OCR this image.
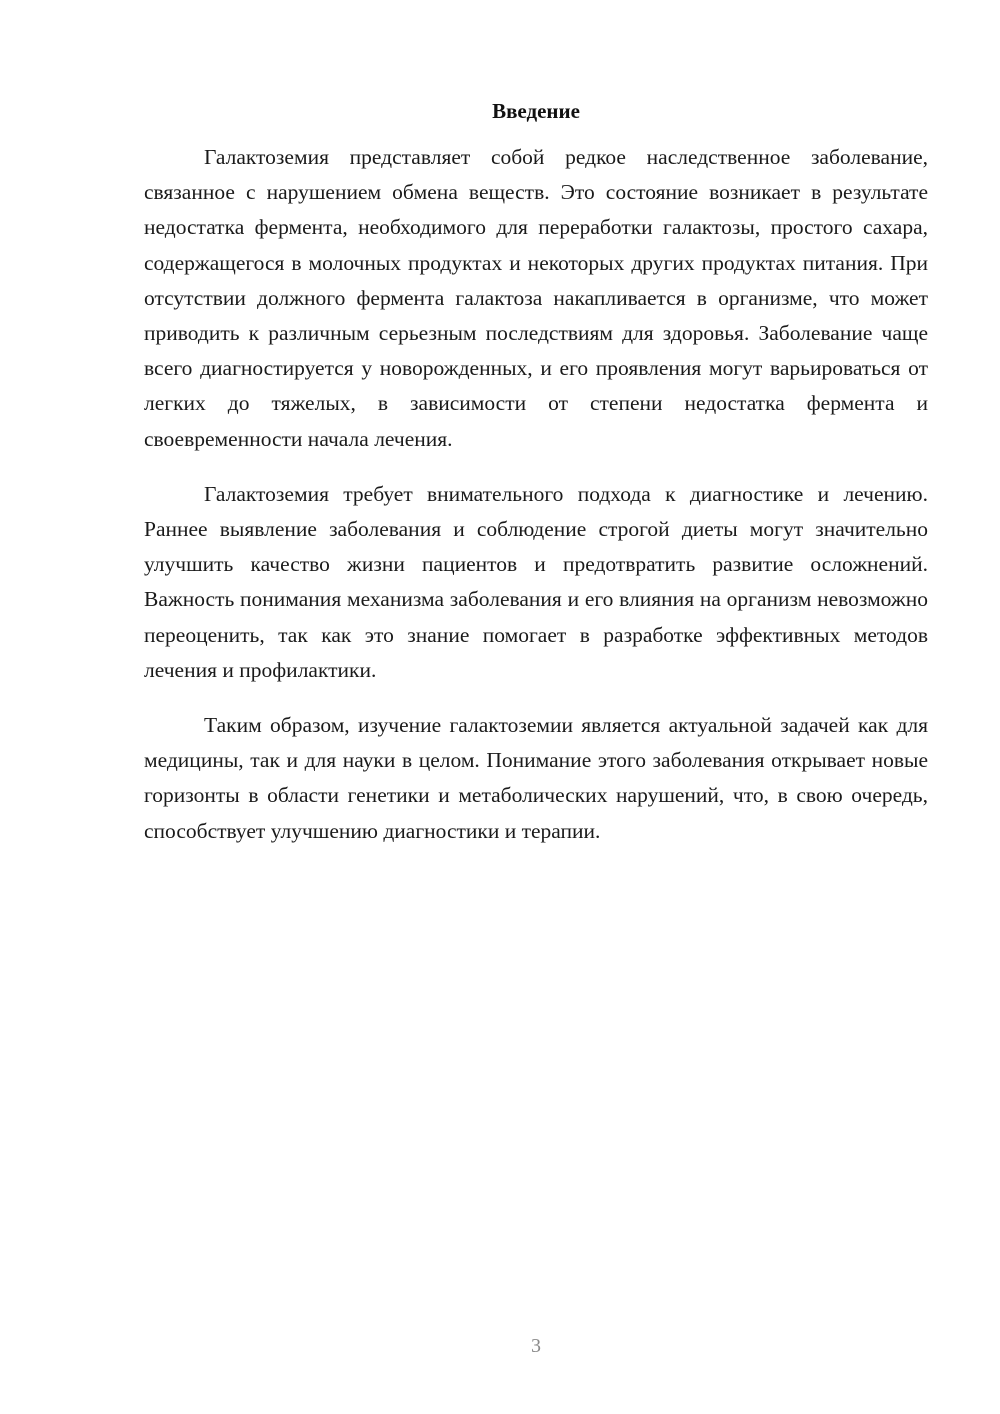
Введение

Галактоземия представляет собой редкое наследственное заболевание, связанное с нарушением обмена веществ. Это состояние возникает в результате недостатка фермента, необходимого для переработки галактозы, простого сахара, содержащегося в молочных продуктах и некоторых других продуктах питания. При отсутствии должного фермента галактоза накапливается в организме, что может приводить к различным серьезным последствиям для здоровья. Заболевание чаще всего диагностируется у новорожденных, и его проявления могут варьироваться от легких до тяжелых, в зависимости от степени недостатка фермента и своевременности начала лечения.

Галактоземия требует внимательного подхода к диагностике и лечению. Раннее выявление заболевания и соблюдение строгой диеты могут значительно улучшить качество жизни пациентов и предотвратить развитие осложнений. Важность понимания механизма заболевания и его влияния на организм невозможно переоценить, так как это знание помогает в разработке эффективных методов лечения и профилактики.

Таким образом, изучение галактоземии является актуальной задачей как для медицины, так и для науки в целом. Понимание этого заболевания открывает новые горизонты в области генетики и метаболических нарушений, что, в свою очередь, способствует улучшению диагностики и терапии.

3
